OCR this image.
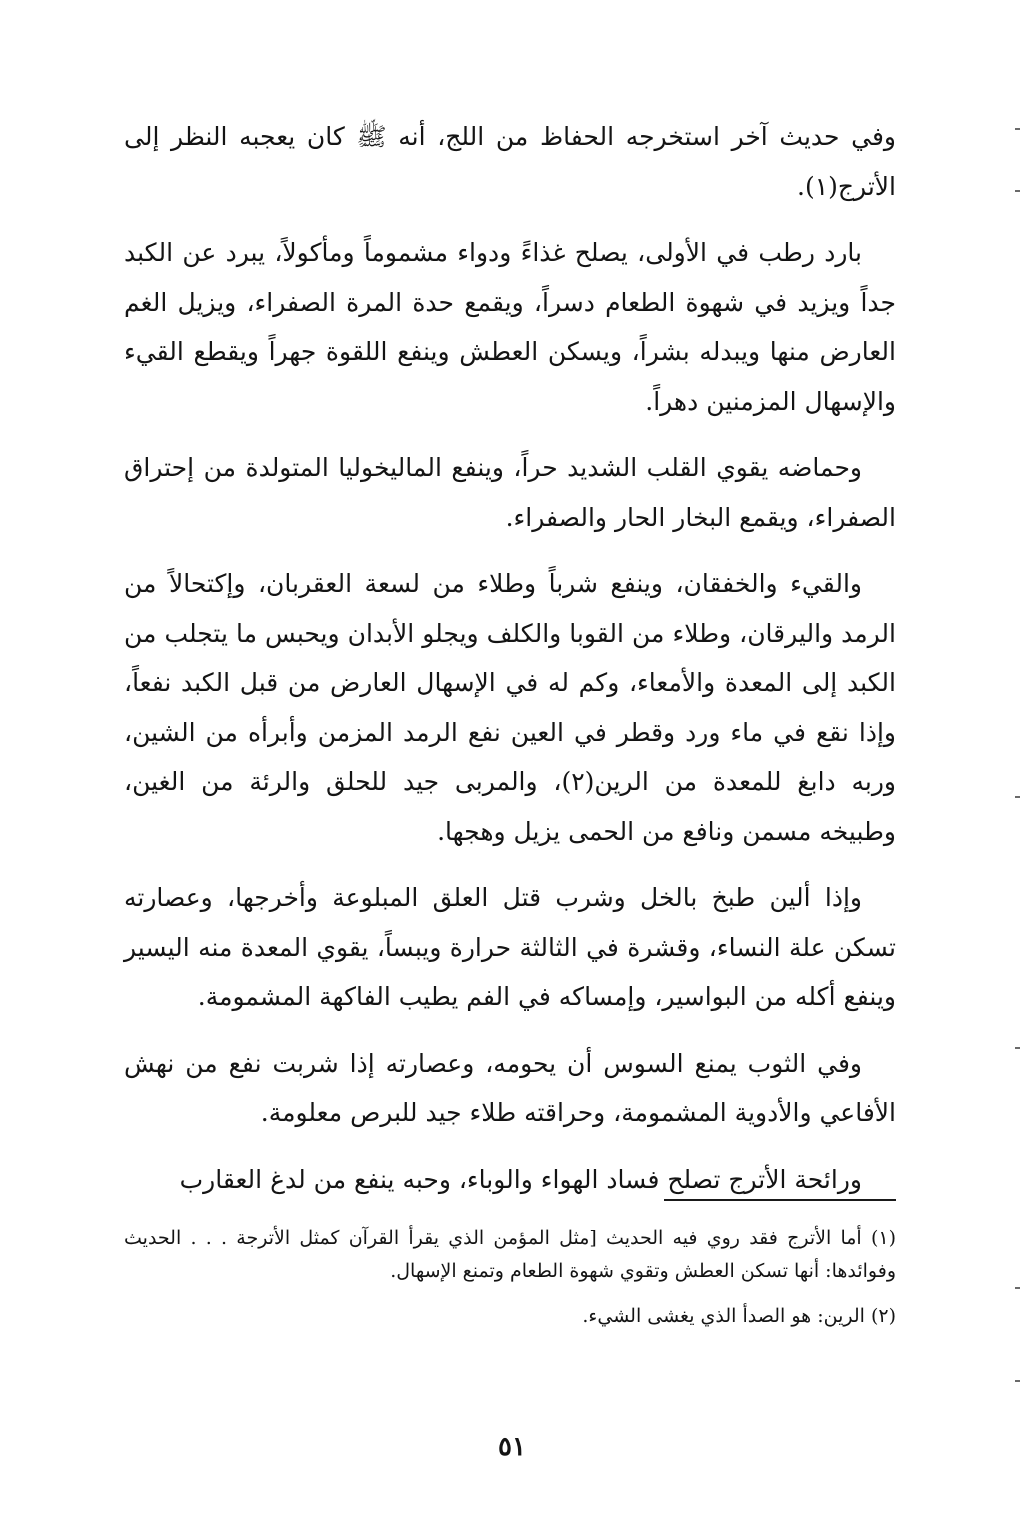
وفي حديث آخر استخرجه الحفاظ من اللج، أنه ﷺ كان يعجبه النظر إلى الأترج(١).

بارد رطب في الأولى، يصلح غذاءً ودواء مشموماً ومأكولاً، يبرد عن الكبد جداً ويزيد في شهوة الطعام دسراً، ويقمع حدة المرة الصفراء، ويزيل الغم العارض منها ويبدله بشراً، ويسكن العطش وينفع اللقوة جهراً ويقطع القيء والإسهال المزمنين دهراً.

وحماضه يقوي القلب الشديد حراً، وينفع الماليخوليا المتولدة من إحتراق الصفراء، ويقمع البخار الحار والصفراء.

والقيء والخفقان، وينفع شرباً وطلاء من لسعة العقربان، وإكتحالاً من الرمد واليرقان، وطلاء من القوبا والكلف ويجلو الأبدان ويحبس ما يتجلب من الكبد إلى المعدة والأمعاء، وكم له في الإسهال العارض من قبل الكبد نفعاً، وإذا نقع في ماء ورد وقطر في العين نفع الرمد المزمن وأبرأه من الشين، وربه دابغ للمعدة من الرين(٢)، والمربى جيد للحلق والرئة من الغين، وطبيخه مسمن ونافع من الحمى يزيل وهجها.

وإذا ألين طبخ بالخل وشرب قتل العلق المبلوعة وأخرجها، وعصارته تسكن علة النساء، وقشرة في الثالثة حرارة ويبساً، يقوي المعدة منه اليسير وينفع أكله من البواسير، وإمساكه في الفم يطيب الفاكهة المشمومة.

وفي الثوب يمنع السوس أن يحومه، وعصارته إذا شربت نفع من نهش الأفاعي والأدوية المشمومة، وحراقته طلاء جيد للبرص معلومة.

ورائحة الأترج تصلح فساد الهواء والوباء، وحبه ينفع من لدغ العقارب

(١) أما الأترج فقد روي فيه الحديث [مثل المؤمن الذي يقرأ القرآن كمثل الأترجة . . . الحديث وفوائدها: أنها تسكن العطش وتقوي شهوة الطعام وتمنع الإسهال.

(٢) الرين: هو الصدأ الذي يغشى الشيء.

٥١
